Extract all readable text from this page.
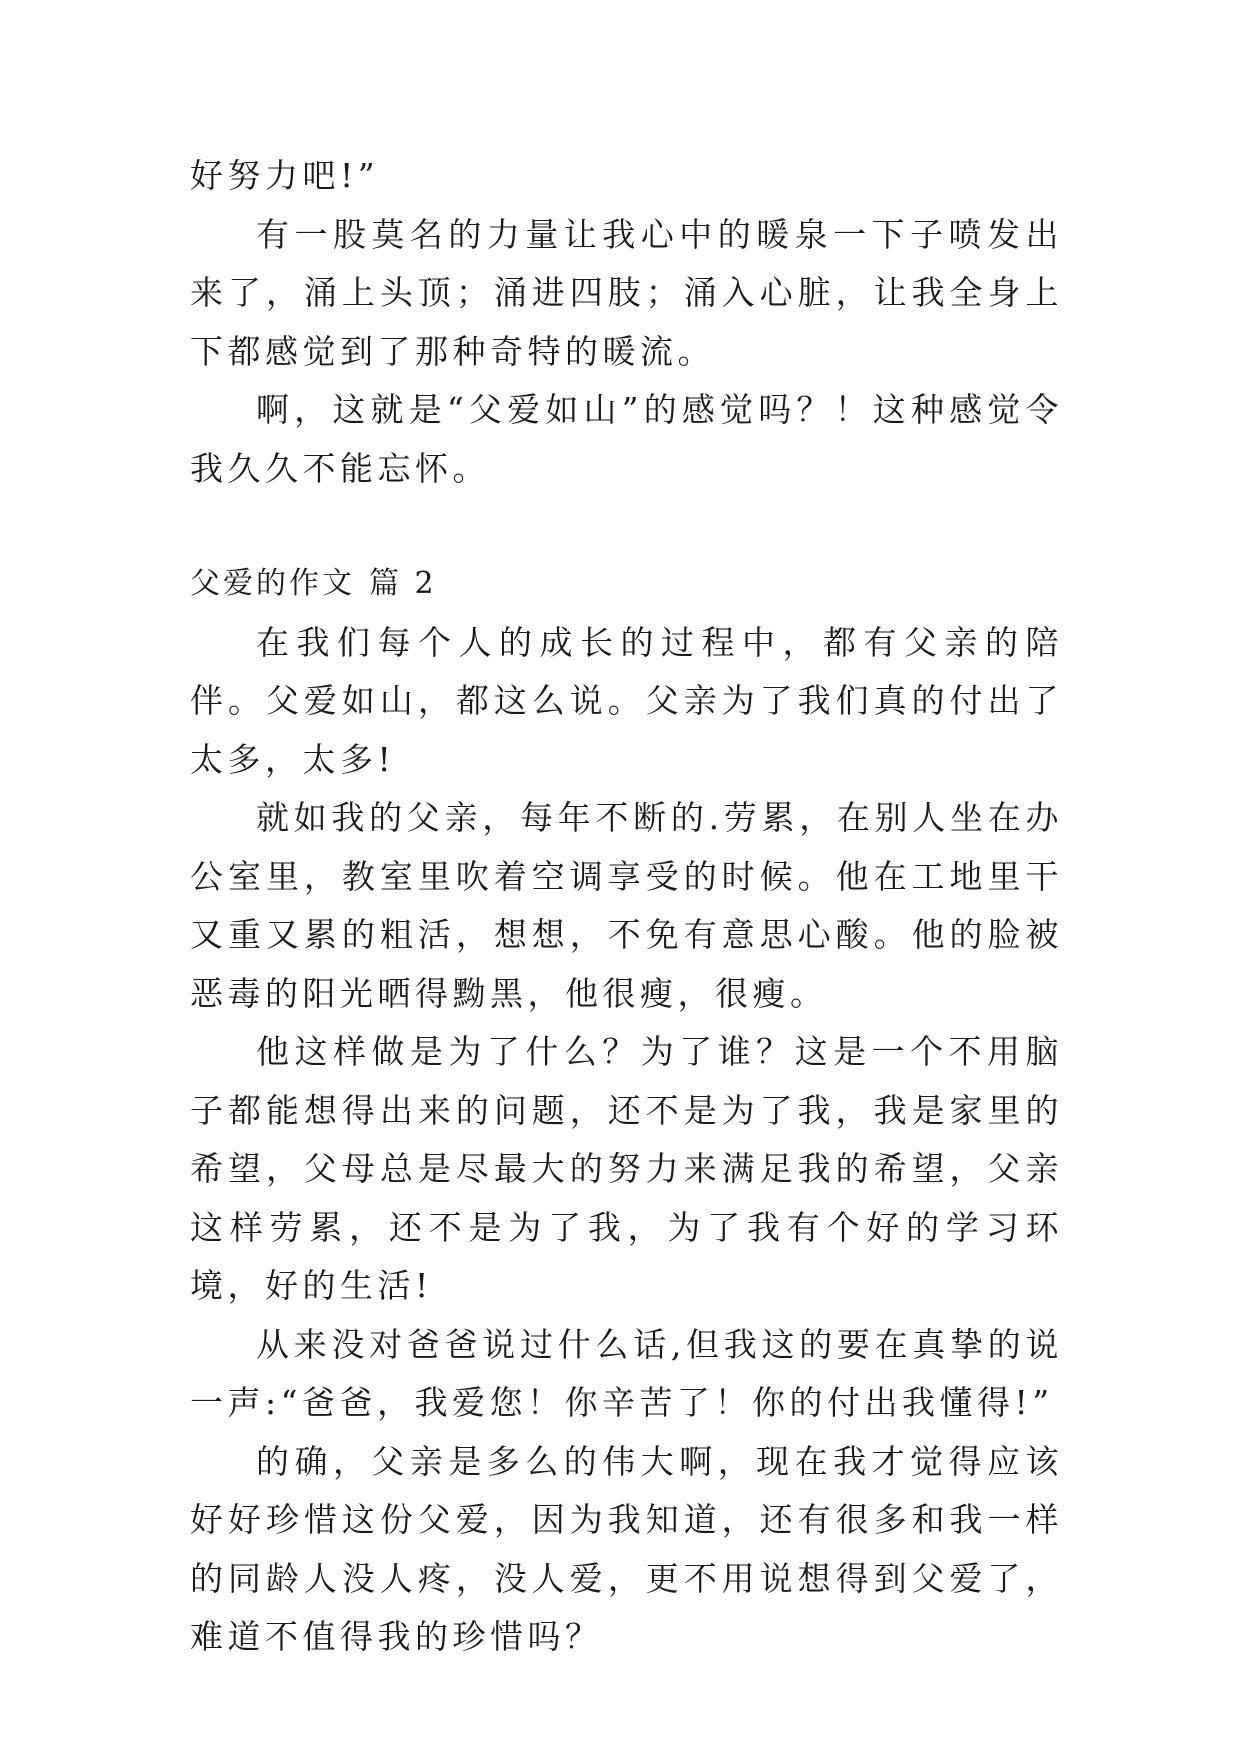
好努力吧!”

有一股莫名的力量让我心中的暖泉一下子喷发出来了，涌上头顶；涌进四肢；涌入心脏，让我全身上下都感觉到了那种奇特的暖流。

啊，这就是“父爱如山”的感觉吗？！这种感觉令我久久不能忘怀。

父爱的作文 篇 2

在我们每个人的成长的过程中，都有父亲的陪伴。父爱如山，都这么说。父亲为了我们真的付出了太多，太多!

就如我的父亲，每年不断的.劳累，在别人坐在办公室里，教室里吹着空调享受的时候。他在工地里干又重又累的粗活，想想，不免有意思心酸。他的脸被恶毒的阳光晒得黝黑，他很瘦，很瘦。

他这样做是为了什么？为了谁？这是一个不用脑子都能想得出来的问题，还不是为了我，我是家里的希望，父母总是尽最大的努力来满足我的希望，父亲这样劳累，还不是为了我，为了我有个好的学习环境，好的生活!

从来没对爸爸说过什么话,但我这的要在真挚的说一声:“爸爸，我爱您！你辛苦了！你的付出我懂得!”

的确，父亲是多么的伟大啊，现在我才觉得应该好好珍惜这份父爱，因为我知道，还有很多和我一样的同龄人没人疼，没人爱，更不用说想得到父爱了，难道不值得我的珍惜吗？
